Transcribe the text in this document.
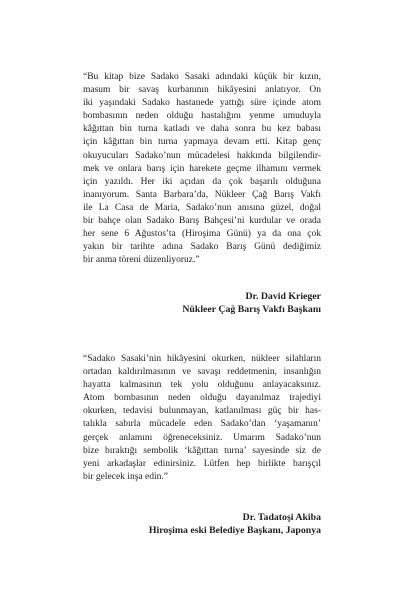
“Bu kitap bize Sadako Sasaki adındaki küçük bir kızın,
masum bir savaş kurbanının hikâyesini anlatıyor. On
iki yaşındaki Sadako hastanede yattığı süre içinde atom
bombasının neden olduğu hastalığını yenme umuduyla
kâğıttan bin turna katladı ve daha sonra bu kez babası
için kâğıttan bin turna yapmaya devam etti. Kitap genç
okuyucuları Sadako’nun mücadelesi hakkında bilgilendir-
mek ve onlara barış için harekete geçme ilhamını vermek
için yazıldı. Her iki açıdan da çok başarılı olduğuna
inanıyorum. Santa Barbara’da, Nükleer Çağ Barış Vakfı
ile La Casa de Maria, Sadako’nun anısına güzel, doğal
bir bahçe olan Sadako Barış Bahçesi’ni kurdular ve orada
her sene 6 Ağustos’ta (Hiroşima Günü) ya da ona çok
yakın bir tarihte adına Sadako Barış Günü dediğimiz
bir anma töreni düzenliyoruz.”
Dr. David Krieger
Nükleer Çağ Barış Vakfı Başkanı
“Sadako Sasaki’nin hikâyesini okurken, nükleer silahların
ortadan kaldırılmasının ve savaşı reddetmenin, insanlığın
hayatta kalmasının tek yolu olduğunu anlayacaksınız.
Atom bombasının neden olduğu dayanılmaz trajediyi
okurken, tedavisi bulunmayan, katlanılması güç bir has-
talıkla sabırla mücadele eden Sadako’dan ‘yaşamanın’
gerçek anlamını öğreneceksiniz. Umarım Sadako’nun
bize bıraktığı sembolik ‘kâğıttan turna’ sayesinde siz de
yeni arkadaşlar edinirsiniz. Lütfen hep birlikte barışçıl
bir gelecek inşa edin.”
Dr. Tadatoşi Akiba
Hiroşima eski Belediye Başkanı, Japonya
